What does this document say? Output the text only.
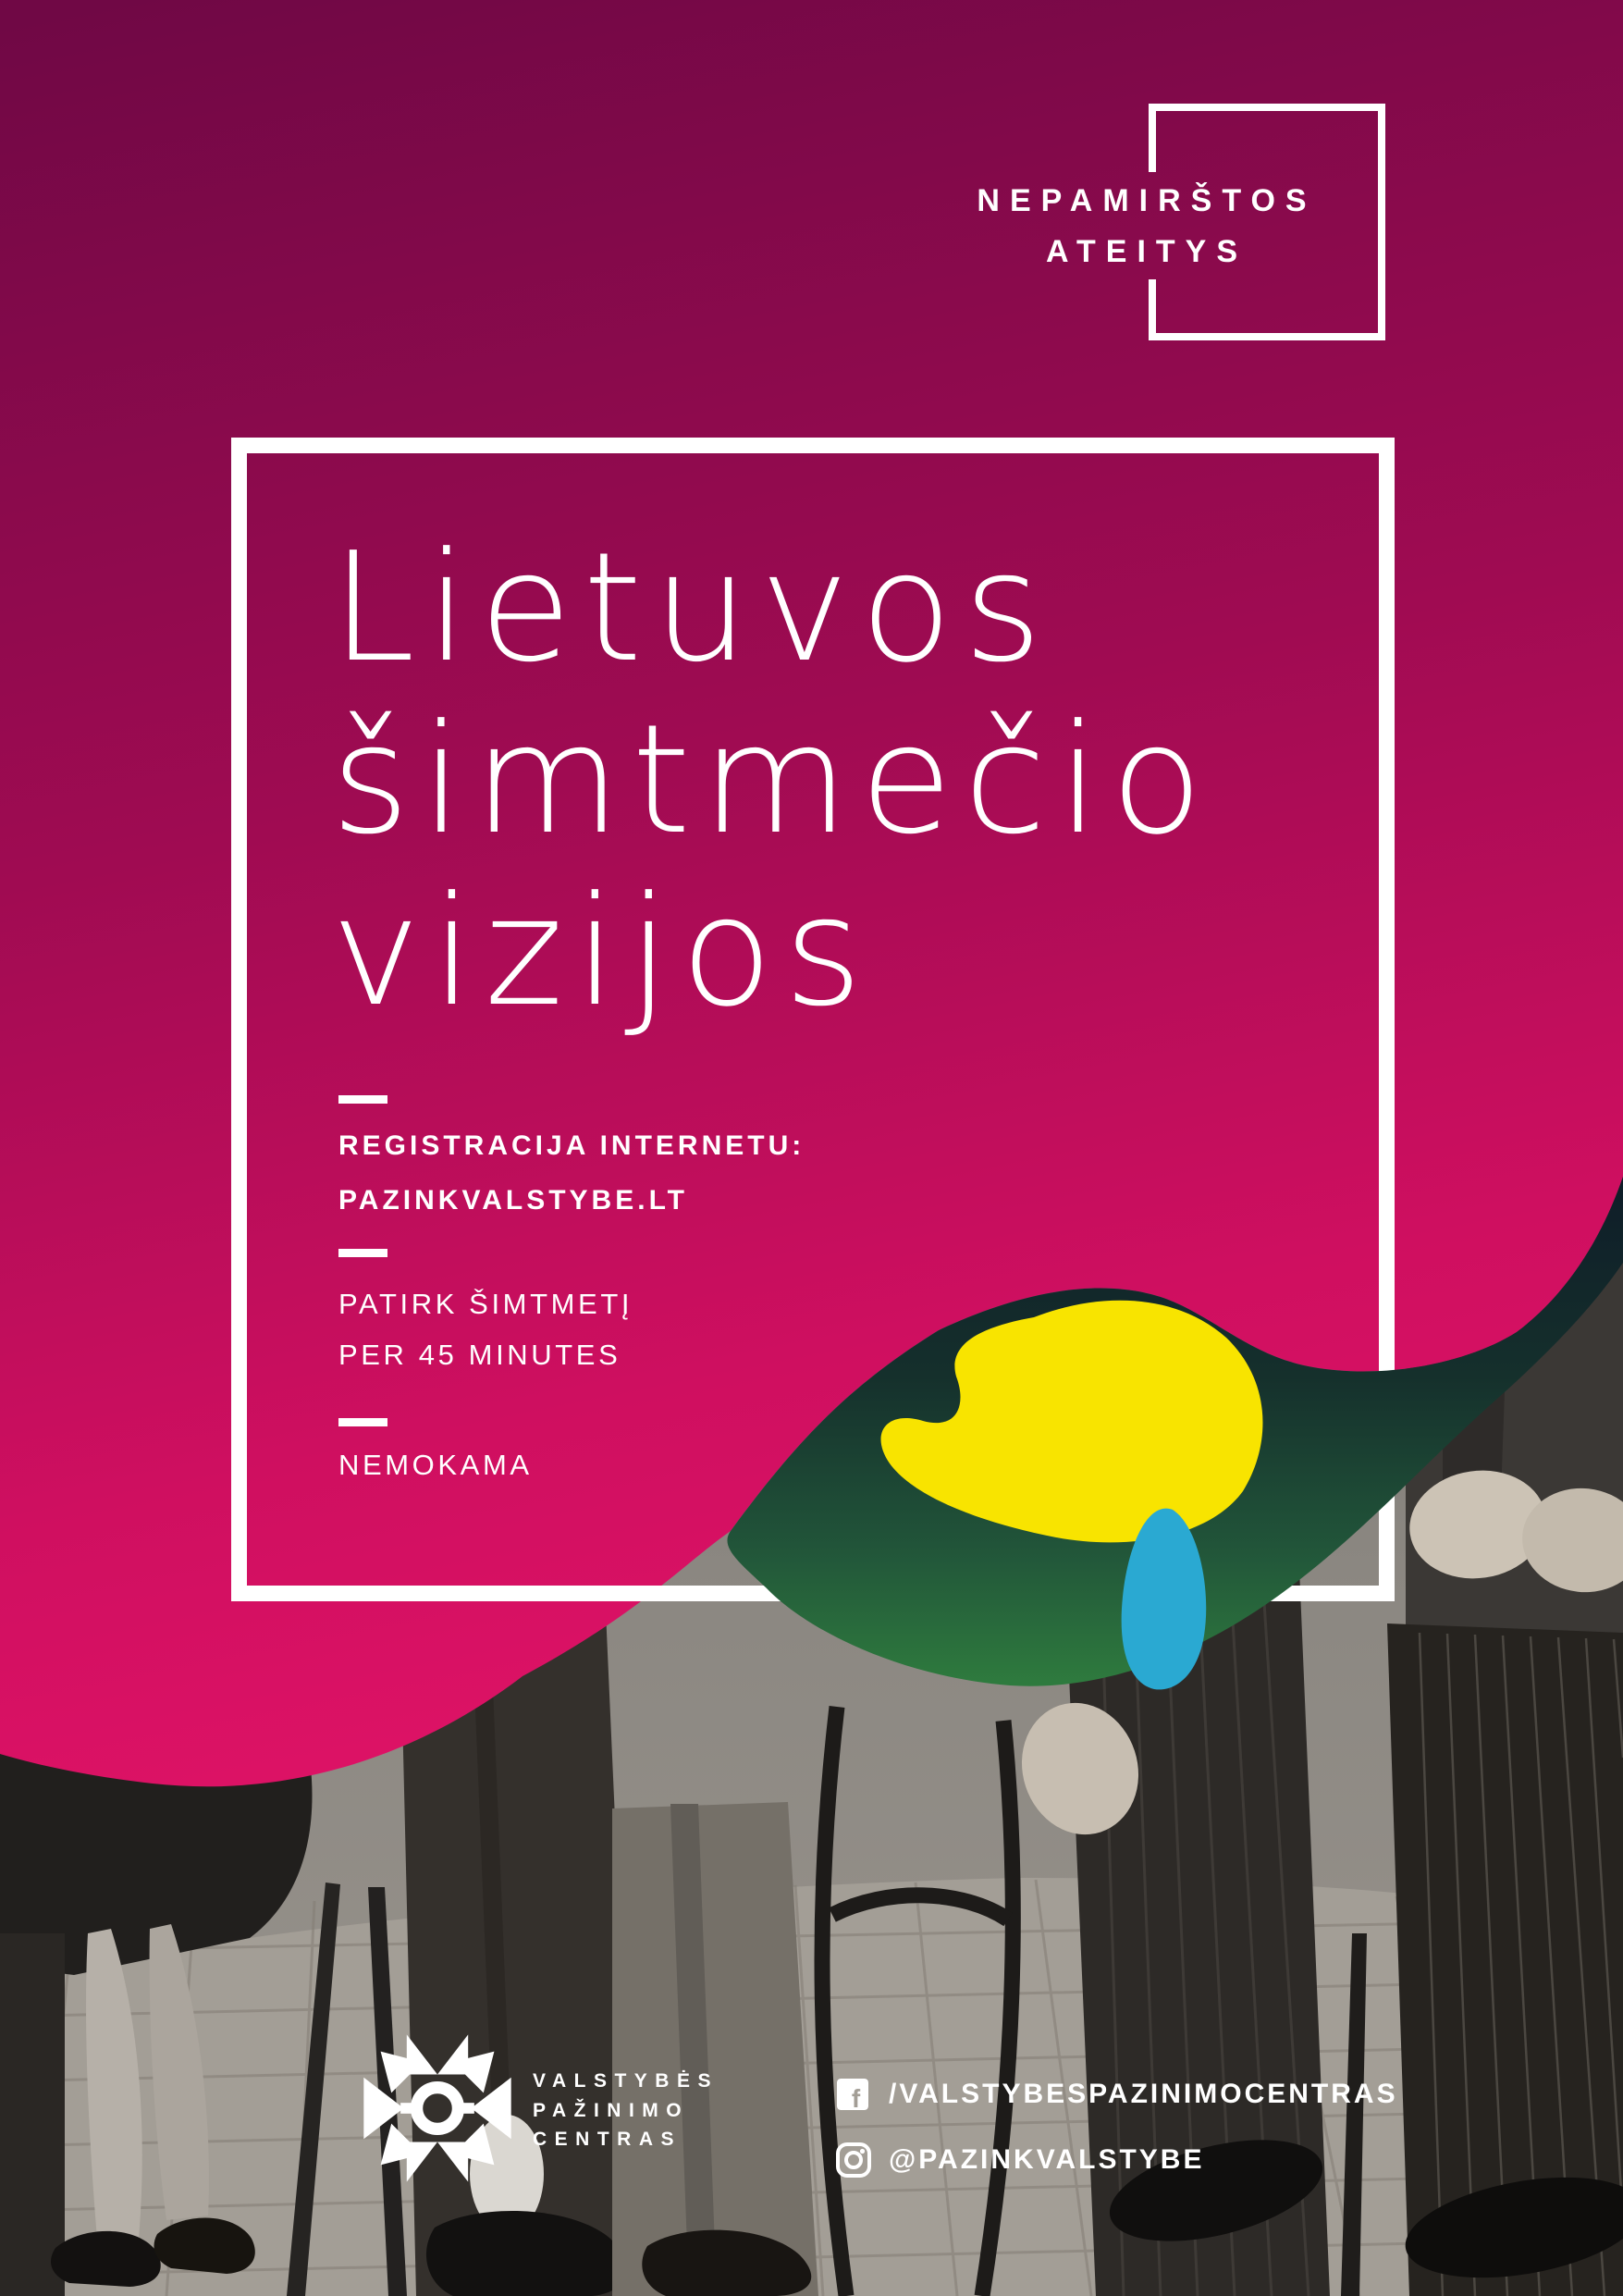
NEPAMIRŠTOS
ATEITYS
Lietuvos
šimtmečio
vizijos
REGISTRACIJA INTERNETU:
PAZINKVALSTYBE.LT
PATIRK ŠIMTMETĮ
PER 45 MINUTES
NEMOKAMA
VALSTYBĖS
PAŽINIMO
CENTRAS
/VALSTYBESPAZINIMOCENTRAS
@PAZINKVALSTYBE
